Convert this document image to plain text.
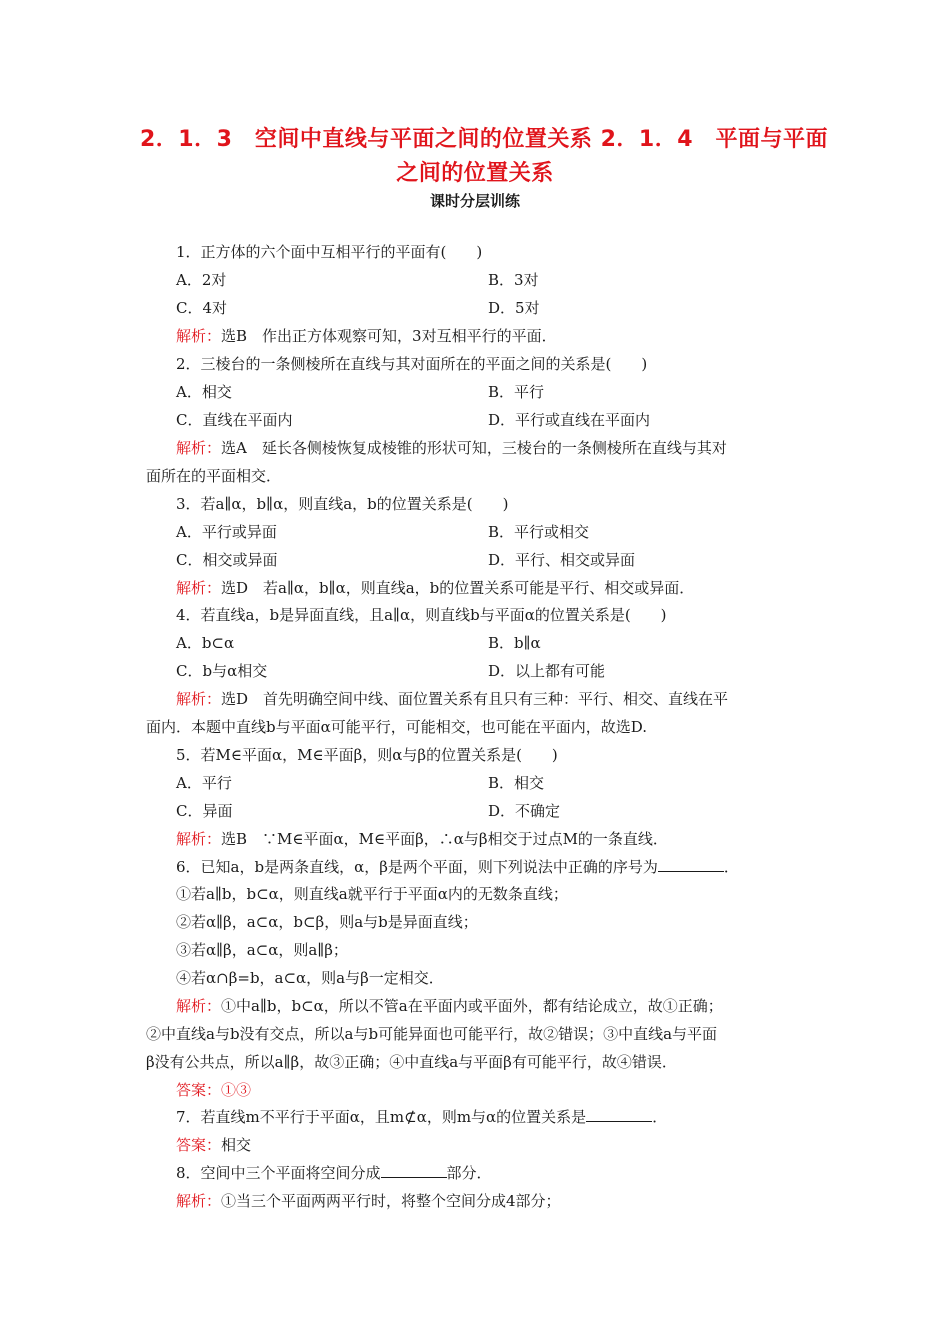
2．1．3　空间中直线与平面之间的位置关系 2．1．4　平面与平面
之间的位置关系
课时分层训练
1．正方体的六个面中互相平行的平面有(　　)
A．2对	B．3对
C．4对	D．5对
解析：选B　作出正方体观察可知，3对互相平行的平面．
2．三棱台的一条侧棱所在直线与其对面所在的平面之间的关系是(　　)
A．相交	B．平行
C．直线在平面内	D．平行或直线在平面内
解析：选A　延长各侧棱恢复成棱锥的形状可知，三棱台的一条侧棱所在直线与其对
面所在的平面相交．
3．若a∥α，b∥α，则直线a，b的位置关系是(　　)
A．平行或异面	B．平行或相交
C．相交或异面	D．平行、相交或异面
解析：选D　若a∥α，b∥α，则直线a，b的位置关系可能是平行、相交或异面．
4．若直线a，b是异面直线，且a∥α，则直线b与平面α的位置关系是(　　)
A．b⊂α	B．b∥α
C．b与α相交	D．以上都有可能
解析：选D　首先明确空间中线、面位置关系有且只有三种：平行、相交、直线在平
面内．本题中直线b与平面α可能平行，可能相交，也可能在平面内，故选D.
5．若M∈平面α，M∈平面β，则α与β的位置关系是(　　)
A．平行	B．相交
C．异面	D．不确定
解析：选B　∵M∈平面α，M∈平面β，∴α与β相交于过点M的一条直线．
6．已知a，b是两条直线，α，β是两个平面，则下列说法中正确的序号为	．
①若a∥b，b⊂α，则直线a就平行于平面α内的无数条直线；
②若α∥β，a⊂α，b⊂β，则a与b是异面直线；
③若α∥β，a⊂α，则a∥β；
④若α∩β=b，a⊂α，则a与β一定相交．
解析：①中a∥b，b⊂α，所以不管a在平面内或平面外，都有结论成立，故①正确；
②中直线a与b没有交点，所以a与b可能异面也可能平行，故②错误；③中直线a与平面
β没有公共点，所以a∥β，故③正确；④中直线a与平面β有可能平行，故④错误．
答案：①③
7．若直线m不平行于平面α，且m⊄α，则m与α的位置关系是	．
答案：相交
8．空间中三个平面将空间分成	部分．
解析：①当三个平面两两平行时，将整个空间分成4部分；
